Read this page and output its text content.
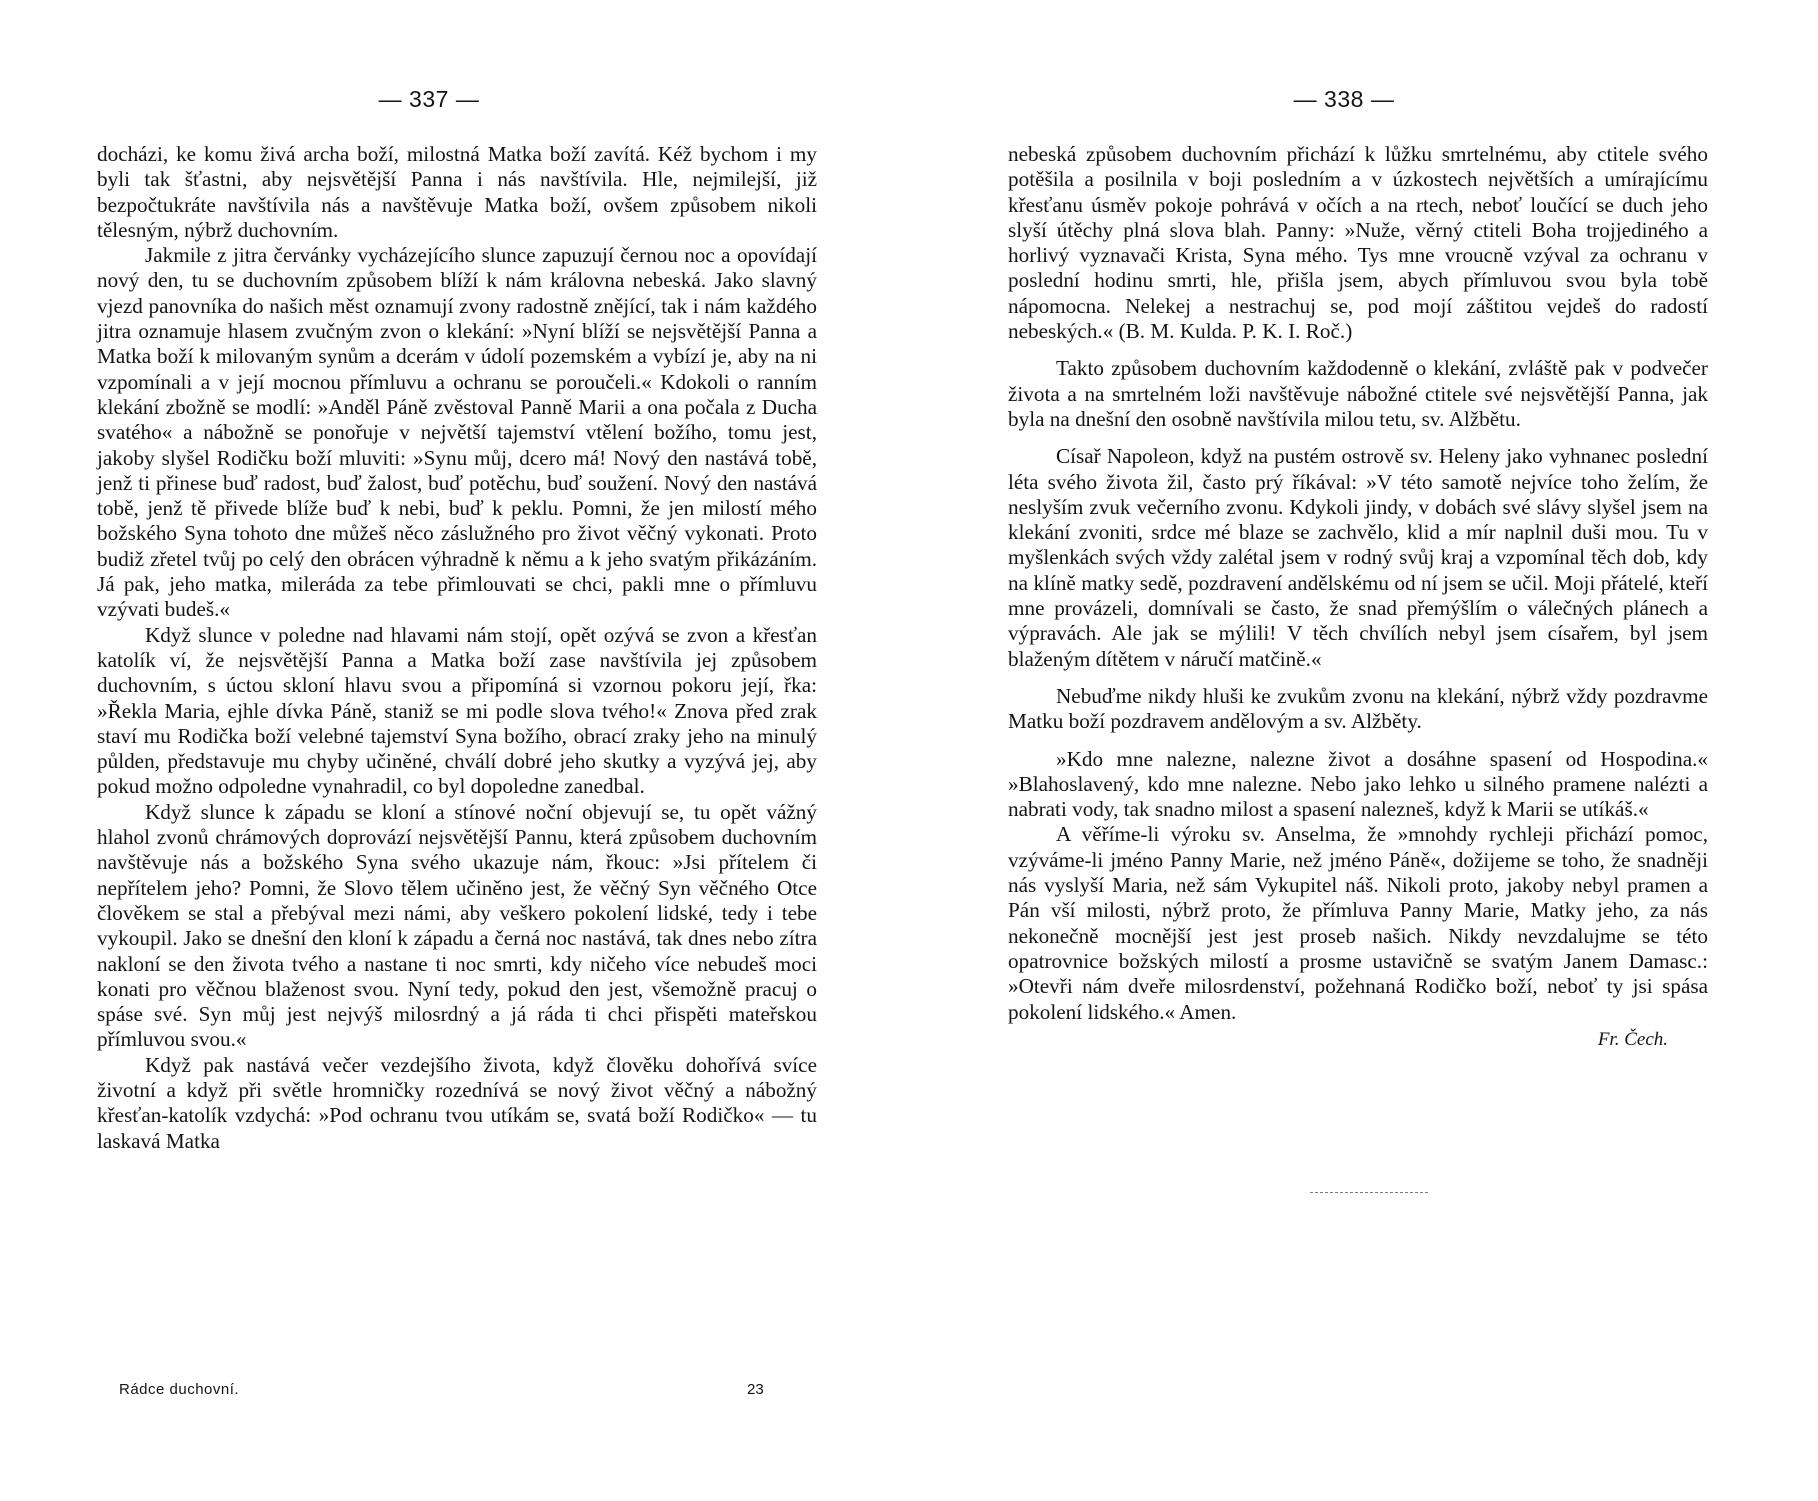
— 337 —

docházi, ke komu živá archa boží, milostná Matka boží zavítá. Kéž bychom i my byli tak šťastni, aby nejsvětější Panna i nás navštívila. Hle, nejmilejší, již bezpočtukráte navštívila nás a navštěvuje Matka boží, ovšem způsobem nikoli tělesným, nýbrž duchovním.

Jakmile z jitra červánky vycházejícího slunce zapuzují černou noc a opovídají nový den, tu se duchovním způsobem blíží k nám královna nebeská. Jako slavný vjezd panovníka do našich měst oznamují zvony radostně znějící, tak i nám každého jitra oznamuje hlasem zvučným zvon o klekání: »Nyní blíží se nejsvětější Panna a Matka boží k milovaným synům a dcerám v údolí pozemském a vybízí je, aby na ni vzpomínali a v její mocnou přímluvu a ochranu se poroučeli.« Kdokoli o ranním klekání zbožně se modlí: »Anděl Páně zvěstoval Panně Marii a ona počala z Ducha svatého« a nábožně se ponořuje v největší tajemství vtělení božího, tomu jest, jakoby slyšel Rodičku boží mluviti: »Synu můj, dcero má! Nový den nastává tobě, jenž ti přinese buď radost, buď žalost, buď potěchu, buď soužení. Nový den nastává tobě, jenž tě přivede blíže buď k nebi, buď k peklu. Pomni, že jen milostí mého božského Syna tohoto dne můžeš něco záslužného pro život věčný vykonati. Proto budiž zřetel tvůj po celý den obrácen výhradně k němu a k jeho svatým přikázáním. Já pak, jeho matka, mileráda za tebe přimlouvati se chci, pakli mne o přímluvu vzývati budeš.«

Když slunce v poledne nad hlavami nám stojí, opět ozývá se zvon a křesťan katolík ví, že nejsvětější Panna a Matka boží zase navštívila jej způsobem duchovním, s úctou skloní hlavu svou a připomíná si vzornou pokoru její, řka: »Řekla Maria, ejhle dívka Páně, staniž se mi podle slova tvého!« Znova před zrak staví mu Rodička boží velebné tajemství Syna božího, obrací zraky jeho na minulý půlden, představuje mu chyby učiněné, chválí dobré jeho skutky a vyzývá jej, aby pokud možno odpoledne vynahradil, co byl dopoledne zanedbal.

Když slunce k západu se kloní a stínové noční objevují se, tu opět vážný hlahol zvonů chrámových doprovází nejsvětější Pannu, která způsobem duchovním navštěvuje nás a božského Syna svého ukazuje nám, řkouc: »Jsi přítelem či nepřítelem jeho? Pomni, že Slovo tělem učiněno jest, že věčný Syn věčného Otce člověkem se stal a přebýval mezi námi, aby veškero pokolení lidské, tedy i tebe vykoupil. Jako se dnešní den kloní k západu a černá noc nastává, tak dnes nebo zítra nakloní se den života tvého a nastane ti noc smrti, kdy ničeho více nebudeš moci konati pro věčnou blaženost svou. Nyní tedy, pokud den jest, všemožně pracuj o spáse své. Syn můj jest nejvýš milosrdný a já ráda ti chci přispěti mateřskou přímluvou svou.«

Když pak nastává večer vezdejšího života, když člověku dohořívá svíce životní a když při světle hromničky rozednívá se nový život věčný a nábožný křesťan-katolík vzdychá: »Pod ochranu tvou utíkám se, svatá boží Rodičko« — tu laskavá Matka

Rádce duchovní.	23
— 338 —

nebeská způsobem duchovním přichází k lůžku smrtelnému, aby ctitele svého potěšila a posilnila v boji posledním a v úzkostech největších a umírajícímu křesťanu úsměv pokoje pohrává v očích a na rtech, neboť loučící se duch jeho slyší útěchy plná slova blah. Panny: »Nuže, věrný ctiteli Boha trojjediného a horlivý vyznavači Krista, Syna mého. Tys mne vroucně vzýval za ochranu v poslední hodinu smrti, hle, přišla jsem, abych přímluvou svou byla tobě nápomocna. Nelekej a nestrachuj se, pod mojí záštitou vejdeš do radostí nebeských.« (B. M. Kulda. P. K. I. Roč.)

Takto způsobem duchovním každodenně o klekání, zvláště pak v podvečer života a na smrtelném loži navštěvuje nábožné ctitele své nejsvětější Panna, jak byla na dnešní den osobně navštívila milou tetu, sv. Alžbětu.

Císař Napoleon, když na pustém ostrově sv. Heleny jako vyhnanec poslední léta svého života žil, často prý říkával: »V této samotě nejvíce toho želím, že neslyším zvuk večerního zvonu. Kdykoli jindy, v dobách své slávy slyšel jsem na klekání zvoniti, srdce mé blaze se zachvělo, klid a mír naplnil duši mou. Tu v myšlenkách svých vždy zalétal jsem v rodný svůj kraj a vzpomínal těch dob, kdy na klíně matky sedě, pozdravení andělskému od ní jsem se učil. Moji přátelé, kteří mne provázeli, domnívali se často, že snad přemýšlím o válečných plánech a výpravách. Ale jak se mýlili! V těch chvílích nebyl jsem císařem, byl jsem blaženým dítětem v náručí matčině.«

Nebuďme nikdy hluši ke zvukům zvonu na klekání, nýbrž vždy pozdravme Matku boží pozdravem andělovým a sv. Alžběty.

»Kdo mne nalezne, nalezne život a dosáhne spasení od Hospodina.« »Blahoslavený, kdo mne nalezne. Nebo jako lehko u silného pramene nalézti a nabrati vody, tak snadno milost a spasení nalezneš, když k Marii se utíkáš.«

A věříme-li výroku sv. Anselma, že »mnohdy rychleji přichází pomoc, vzýváme-li jméno Panny Marie, než jméno Páně«, dožijeme se toho, že snadněji nás vyslyší Maria, než sám Vykupitel náš. Nikoli proto, jakoby nebyl pramen a Pán vší milosti, nýbrž proto, že přímluva Panny Marie, Matky jeho, za nás nekonečně mocnější jest jest proseb našich. Nikdy nevzdalujme se této opatrovnice božských milostí a prosme ustavičně se svatým Janem Damasc.: »Otevři nám dveře milosrdenství, požehnaná Rodičko boží, neboť ty jsi spása pokolení lidského.« Amen.

Fr. Čech.
